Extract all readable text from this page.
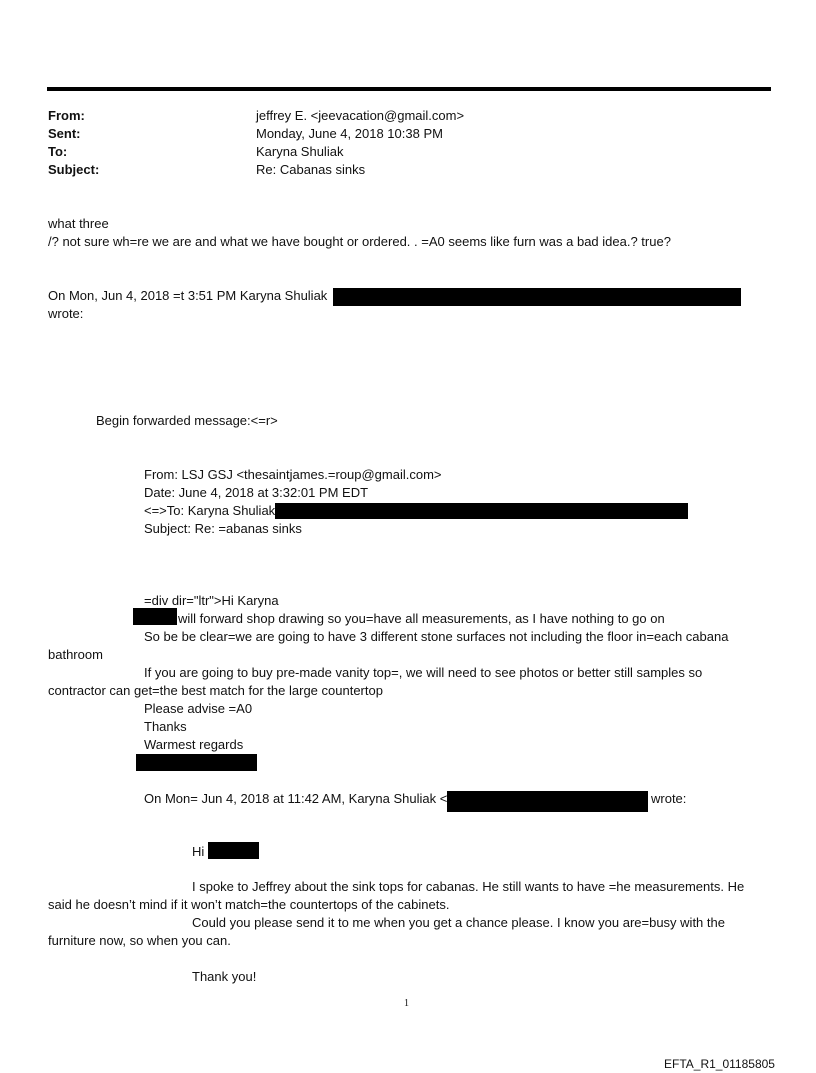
From:	jeffrey E. <jeevacation@gmail.com>
Sent:	Monday, June 4, 2018 10:38 PM
To:	Karyna Shuliak
Subject:	Re: Cabanas sinks
what three
/? not sure wh=re we are and what we have bought or ordered. . =A0 seems like furn was a bad idea.? true?
On Mon, Jun 4, 2018 =t 3:51 PM Karyna Shuliak
wrote:
Begin forwarded message:<=r>
From: LSJ GSJ <thesaintjames.=roup@gmail.com>
Date: June 4, 2018 at 3:32:01 PM EDT
<=>To: Karyna Shuliak
Subject: Re: =abanas sinks
=div dir="ltr">Hi Karyna
will forward shop drawing so you=have all measurements, as I have nothing to go on
So be be clear=we are going to have 3 different stone surfaces not including the floor in=each cabana
bathroom
If you are going to buy pre-made vanity top=, we will need to see photos or better still samples so
contractor can get=the best match for the large countertop
Please advise =A0
Thanks
Warmest regards
On Mon= Jun 4, 2018 at 11:42 AM, Karyna Shuliak <	wrote:
Hi
I spoke to Jeffrey about the sink tops for cabanas. He still wants to have =he measurements. He
said he doesn’t mind if it won’t match=the countertops of the cabinets.
Could you please send it to me when you get a chance please. I know you are=busy with the
furniture now, so when you can.
Thank you!
1
EFTA_R1_01185805
